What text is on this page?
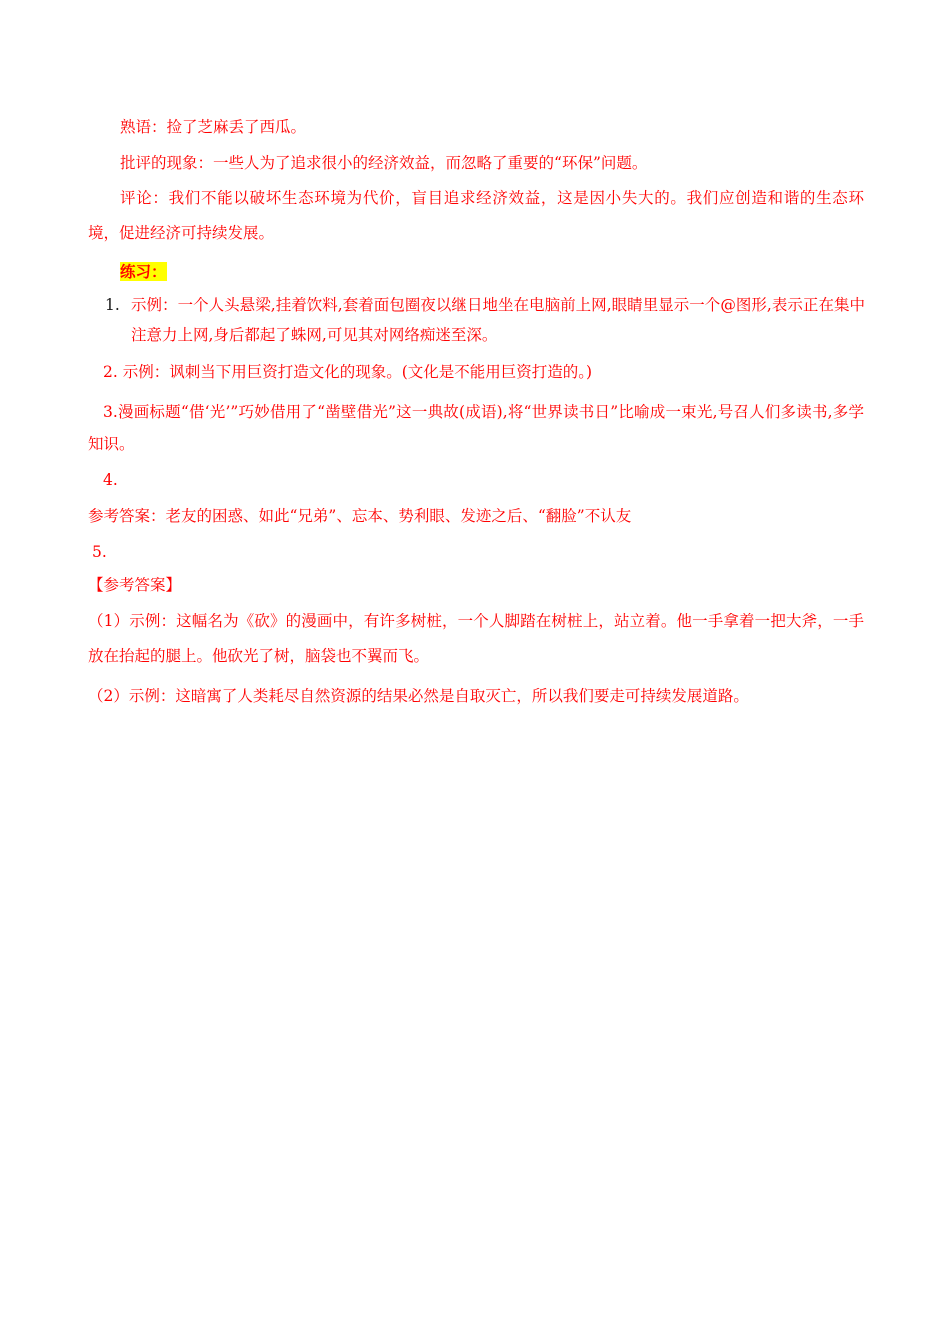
熟语：捡了芝麻丢了西瓜。
批评的现象：一些人为了追求很小的经济效益，而忽略了重要的“环保”问题。
评论：我们不能以破坏生态环境为代价，盲目追求经济效益，这是因小失大的。我们应创造和谐的生态环境，促进经济可持续发展。
练习：
1. 示例：一个人头悬梁,挂着饮料,套着面包圈夜以继日地坐在电脑前上网,眼睛里显示一个@图形,表示正在集中注意力上网,身后都起了蛛网,可见其对网络痴迷至深。
2. 示例：讽刺当下用巨资打造文化的现象。(文化是不能用巨资打造的。)
3.漫画标题“借‘光’”巧妙借用了“凿壁借光”这一典故(成语),将“世界读书日”比喻成一束光,号召人们多读书,多学知识。
4.
参考答案：老友的困惑、如此“兄弟”、忘本、势利眼、发迹之后、“翻脸”不认友
5.
【参考答案】
（1）示例：这幅名为《砍》的漫画中，有许多树桩，一个人脚踏在树桩上，站立着。他一手拿着一把大斧，一手放在抬起的腿上。他砍光了树，脑袋也不翼而飞。
（2）示例：这暗寓了人类耗尽自然资源的结果必然是自取灭亡，所以我们要走可持续发展道路。
